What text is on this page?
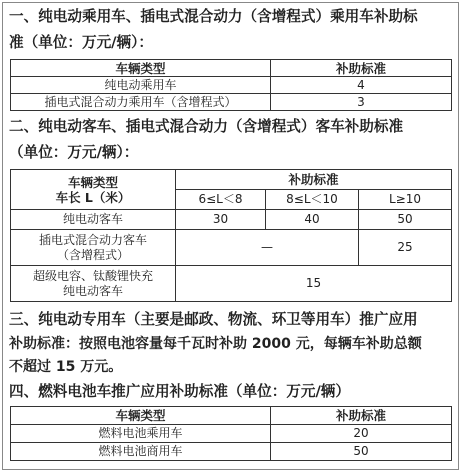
一、纯电动乘用车、插电式混合动力（含增程式）乘用车补助标
准（单位：万元/辆）：
车辆类型	补助标准
纯电动乘用车	4
插电式混合动力乘用车（含增程式）	3
二、纯电动客车、插电式混合动力（含增程式）客车补助标准
（单位：万元/辆）：
车辆类型
车长 L（米）	补助标准		
	6≤L＜8	8≤L＜10	L≥10
纯电动客车	30	40	50

插电式混合动力客车
（含增程式）	—		25

超级电容、钛酸锂快充
纯电动客车	15		
三、纯电动专用车（主要是邮政、物流、环卫等用车）推广应用
补助标准：按照电池容量每千瓦时补助 2000 元，每辆车补助总额
不超过 15 万元。
四、燃料电池车推广应用补助标准（单位：万元/辆）
车辆类型	补助标准
燃料电池乘用车	20
燃料电池商用车	50
